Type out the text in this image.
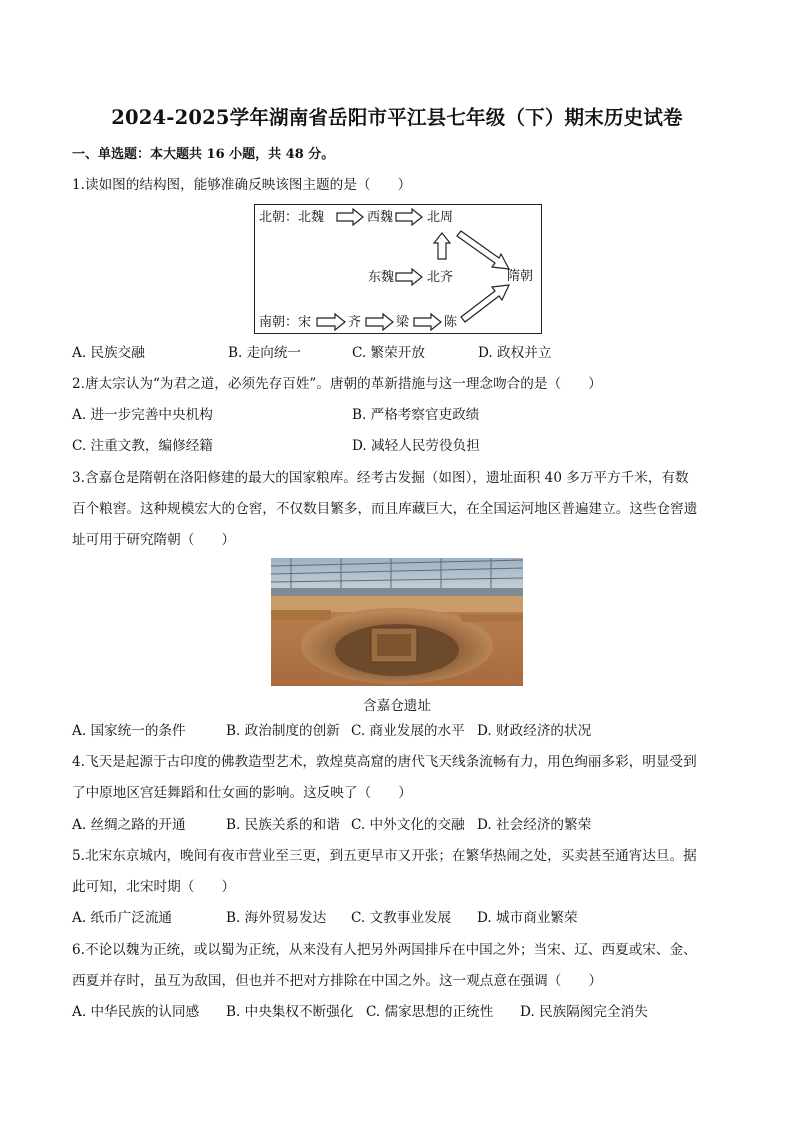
2024-2025学年湖南省岳阳市平江县七年级（下）期末历史试卷
一、单选题：本大题共 16 小题，共 48 分。
1.读如图的结构图，能够准确反映该图主题的是（　　）
北朝：北魏	西魏	北周
东魏	北齐	隋朝
南朝：宋	齐	梁	陈
A. 民族交融	B. 走向统一	C. 繁荣开放	D. 政权并立
2.唐太宗认为“为君之道，必须先存百姓”。唐朝的革新措施与这一理念吻合的是（　　）
A. 进一步完善中央机构	B. 严格考察官吏政绩
C. 注重文教，编修经籍	D. 减轻人民劳役负担
3.含嘉仓是隋朝在洛阳修建的最大的国家粮库。经考古发掘（如图），遗址面积 40 多万平方千米，有数
百个粮窖。这种规模宏大的仓窖，不仅数目繁多，而且库藏巨大，在全国运河地区普遍建立。这些仓窖遗
址可用于研究隋朝（　　）
含嘉仓遗址
A. 国家统一的条件	B. 政治制度的创新 C. 商业发展的水平 D. 财政经济的状况
4.飞天是起源于古印度的佛教造型艺术，敦煌莫高窟的唐代飞天线条流畅有力，用色绚丽多彩，明显受到
了中原地区宫廷舞蹈和仕女画的影响。这反映了（　　）
A. 丝绸之路的开通	B. 民族关系的和谐 C. 中外文化的交融 D. 社会经济的繁荣
5.北宋东京城内，晚间有夜市营业至三更，到五更早市又开张；在繁华热闹之处，买卖甚至通宵达旦。据
此可知，北宋时期（　　）
A. 纸币广泛流通	B. 海外贸易发达 C. 文教事业发展 D. 城市商业繁荣
6.不论以魏为正统，或以蜀为正统，从来没有人把另外两国排斥在中国之外；当宋、辽、西夏或宋、金、
西夏并存时，虽互为敌国，但也并不把对方排除在中国之外。这一观点意在强调（　　）
A. 中华民族的认同感 B. 中央集权不断强化 C. 儒家思想的正统性 D. 民族隔阂完全消失
